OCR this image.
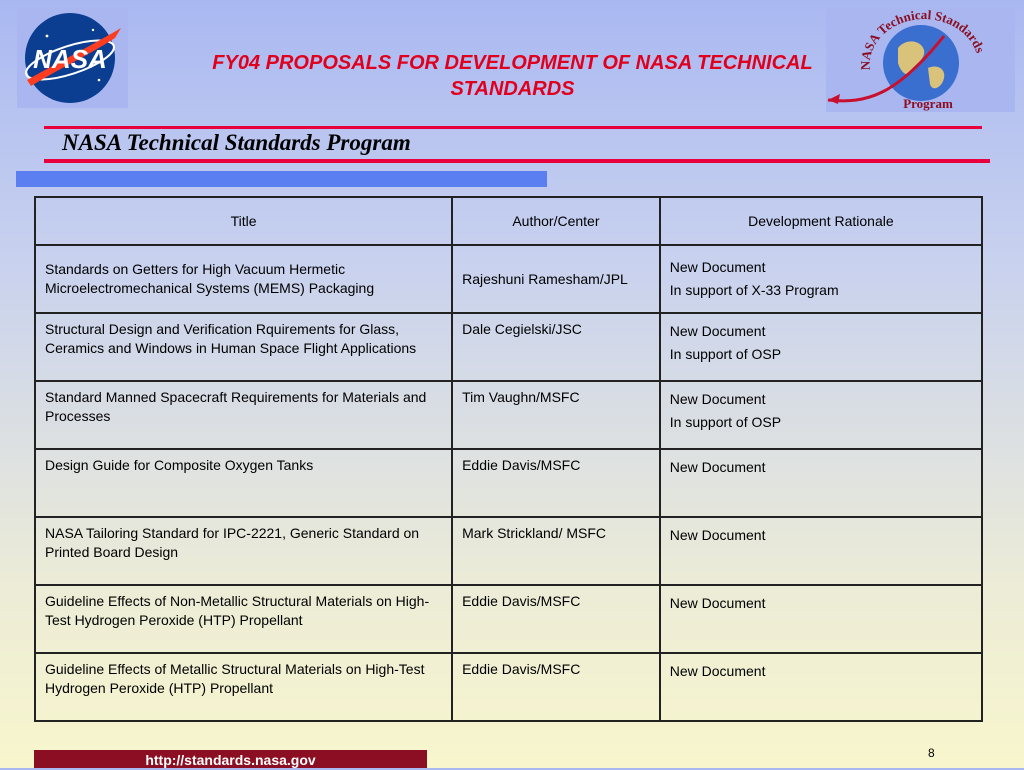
NASA	NASA Technical Standards
Program
FY04 PROPOSALS FOR DEVELOPMENT OF NASA TECHNICAL
STANDARDS
NASA Technical Standards Program
Title	Author/Center	Development Rationale
Standards on Getters for High Vacuum Hermetic Microelectromechanical Systems (MEMS) Packaging	Rajeshuni Ramesham/JPL	New Document
In support of X-33 Program

Structural Design and Verification Rquirements for Glass, Ceramics and Windows in Human Space Flight Applications	Dale Cegielski/JSC	New Document
In support of OSP

Standard Manned Spacecraft Requirements for Materials and Processes	Tim Vaughn/MSFC	New Document
In support of OSP

Design Guide for Composite Oxygen Tanks	Eddie Davis/MSFC	New Document

NASA Tailoring Standard for IPC-2221, Generic Standard on Printed Board Design	Mark Strickland/ MSFC	New Document

Guideline Effects of Non-Metallic Structural Materials on High-Test Hydrogen Peroxide (HTP) Propellant	Eddie Davis/MSFC	New Document

Guideline Effects of Metallic Structural Materials on High-Test Hydrogen Peroxide (HTP) Propellant	Eddie Davis/MSFC	New Document
http://standards.nasa.gov	8
